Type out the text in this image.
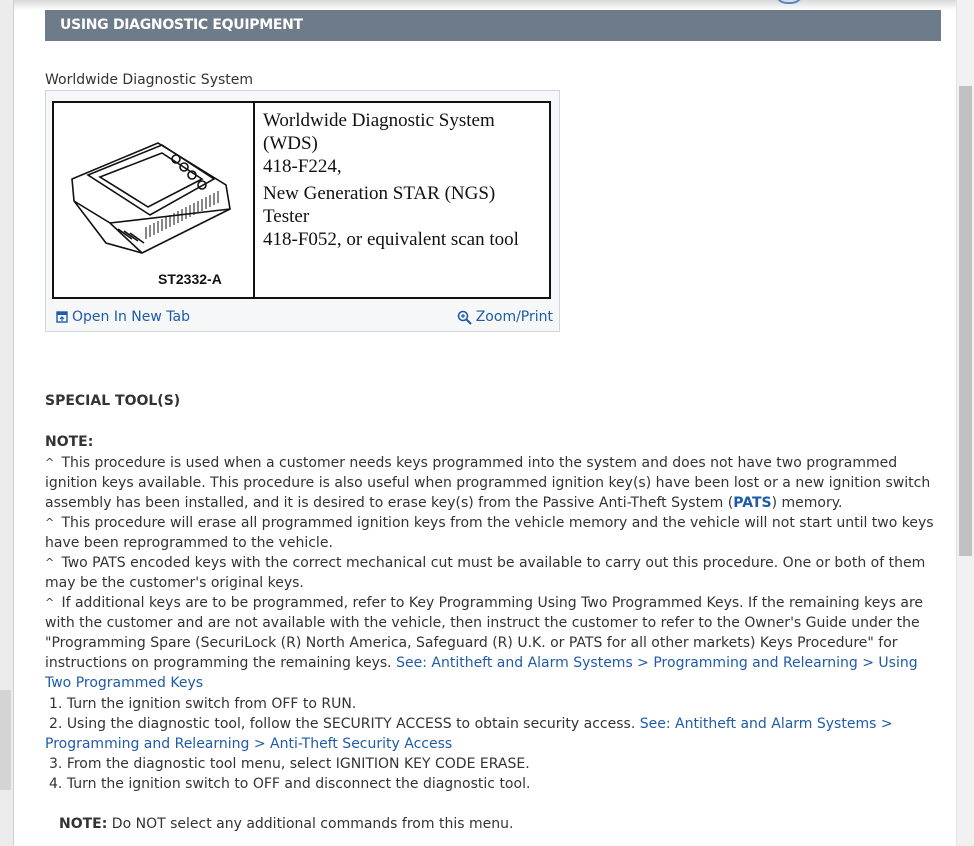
USING DIAGNOSTIC EQUIPMENT
Worldwide Diagnostic System
ST2332-A
Worldwide Diagnostic System
(WDS)
418-F224,
New Generation STAR (NGS)
Tester
418-F052, or equivalent scan tool
Open In New Tab	Zoom/Print
SPECIAL TOOL(S)
NOTE:
^ This procedure is used when a customer needs keys programmed into the system and does not have two programmed ignition keys available. This procedure is also useful when programmed ignition key(s) have been lost or a new ignition switch assembly has been installed, and it is desired to erase key(s) from the Passive Anti-Theft System (PATS) memory.
^ This procedure will erase all programmed ignition keys from the vehicle memory and the vehicle will not start until two keys have been reprogrammed to the vehicle.
^ Two PATS encoded keys with the correct mechanical cut must be available to carry out this procedure. One or both of them may be the customer's original keys.
^ If additional keys are to be programmed, refer to Key Programming Using Two Programmed Keys. If the remaining keys are with the customer and are not available with the vehicle, then instruct the customer to refer to the Owner's Guide under the "Programming Spare (SecuriLock (R) North America, Safeguard (R) U.K. or PATS for all other markets) Keys Procedure" for instructions on programming the remaining keys. See: Antitheft and Alarm Systems > Programming and Relearning > Using Two Programmed Keys
1. Turn the ignition switch from OFF to RUN.
2. Using the diagnostic tool, follow the SECURITY ACCESS to obtain security access. See: Antitheft and Alarm Systems > Programming and Relearning > Anti-Theft Security Access
3. From the diagnostic tool menu, select IGNITION KEY CODE ERASE.
4. Turn the ignition switch to OFF and disconnect the diagnostic tool.
NOTE: Do NOT select any additional commands from this menu.
